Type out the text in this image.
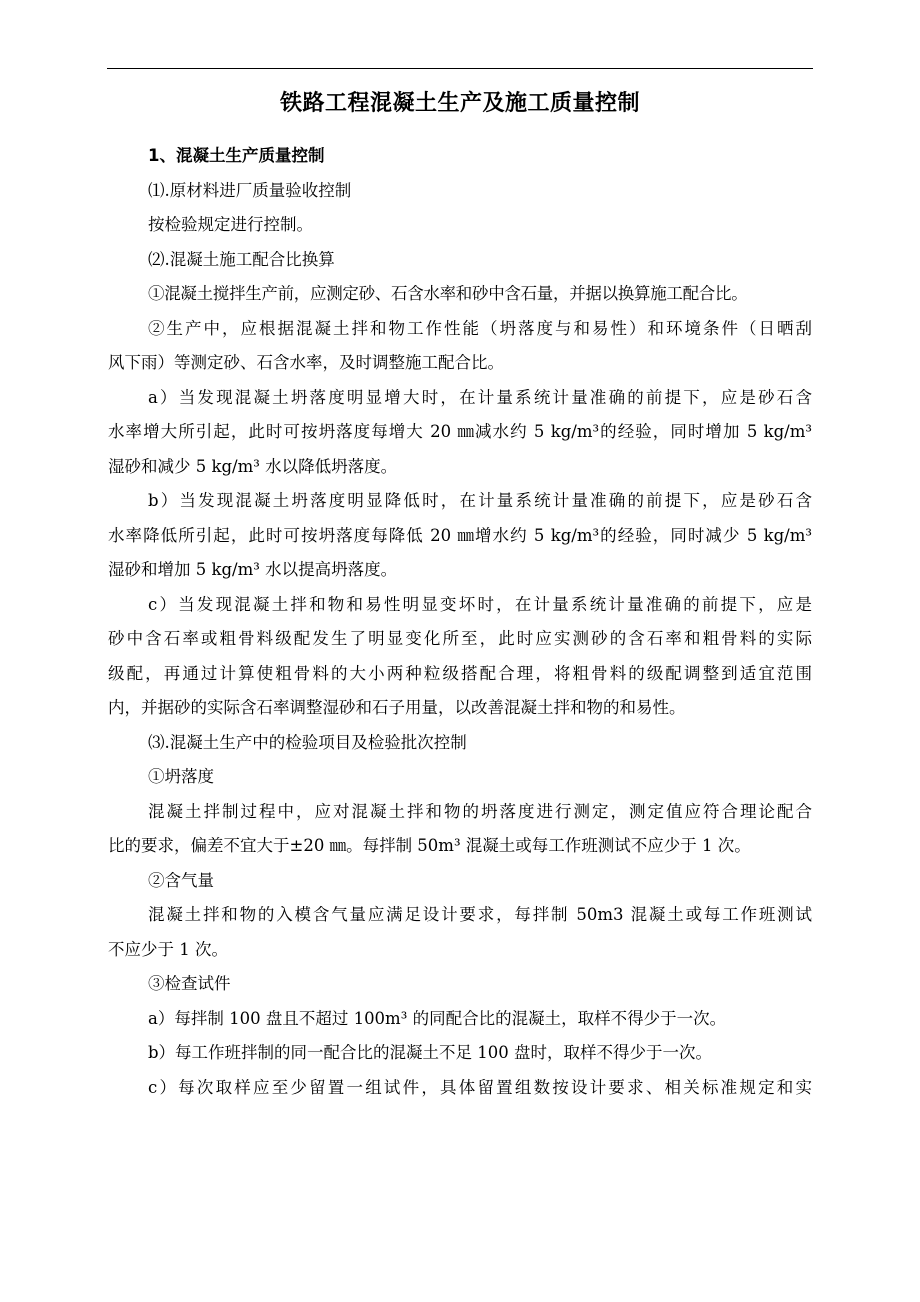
铁路工程混凝土生产及施工质量控制
1、混凝土生产质量控制
⑴.原材料进厂质量验收控制
按检验规定进行控制。
⑵.混凝土施工配合比换算
①混凝土搅拌生产前，应测定砂、石含水率和砂中含石量，并据以换算施工配合比。
②生产中，应根据混凝土拌和物工作性能（坍落度与和易性）和环境条件（日晒刮
风下雨）等测定砂、石含水率，及时调整施工配合比。
a）当发现混凝土坍落度明显增大时，在计量系统计量准确的前提下，应是砂石含
水率增大所引起，此时可按坍落度每增大 20 ㎜减水约 5 kg/m³的经验，同时增加 5 kg/m³
湿砂和减少 5 kg/m³ 水以降低坍落度。
b）当发现混凝土坍落度明显降低时，在计量系统计量准确的前提下，应是砂石含
水率降低所引起，此时可按坍落度每降低 20 ㎜增水约 5 kg/m³的经验，同时减少 5 kg/m³
湿砂和增加 5 kg/m³ 水以提高坍落度。
c）当发现混凝土拌和物和易性明显变坏时，在计量系统计量准确的前提下，应是
砂中含石率或粗骨料级配发生了明显变化所至，此时应实测砂的含石率和粗骨料的实际
级配，再通过计算使粗骨料的大小两种粒级搭配合理，将粗骨料的级配调整到适宜范围
内，并据砂的实际含石率调整湿砂和石子用量，以改善混凝土拌和物的和易性。
⑶.混凝土生产中的检验项目及检验批次控制
①坍落度
混凝土拌制过程中，应对混凝土拌和物的坍落度进行测定，测定值应符合理论配合
比的要求，偏差不宜大于±20 ㎜。每拌制 50m³ 混凝土或每工作班测试不应少于 1 次。
②含气量
混凝土拌和物的入模含气量应满足设计要求，每拌制 50m3 混凝土或每工作班测试
不应少于 1 次。
③检查试件
a）每拌制 100 盘且不超过 100m³ 的同配合比的混凝土，取样不得少于一次。
b）每工作班拌制的同一配合比的混凝土不足 100 盘时，取样不得少于一次。
c）每次取样应至少留置一组试件，具体留置组数按设计要求、相关标准规定和实
